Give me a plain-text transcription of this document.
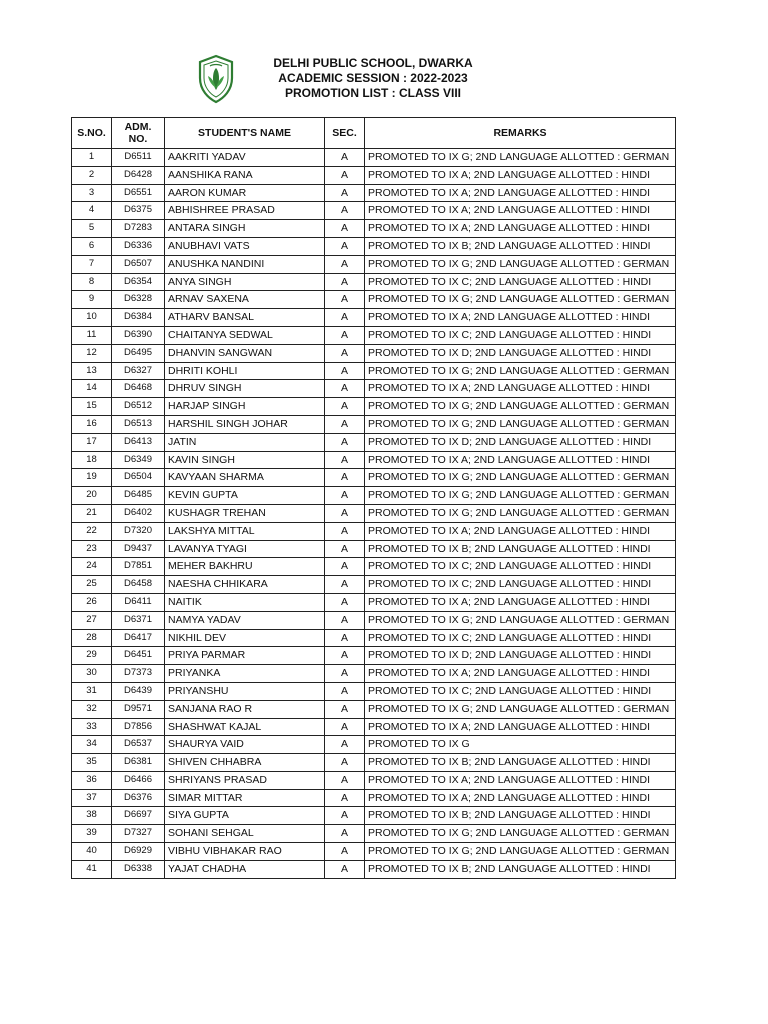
DELHI PUBLIC SCHOOL, DWARKA
ACADEMIC SESSION : 2022-2023
PROMOTION LIST : CLASS VIII
S.NO.	ADM. NO.	STUDENT'S NAME	SEC.	REMARKS
1	D6511	AAKRITI YADAV	A	PROMOTED TO IX G; 2ND LANGUAGE ALLOTTED : GERMAN
2	D6428	AANSHIKA RANA	A	PROMOTED TO IX A; 2ND LANGUAGE ALLOTTED : HINDI
3	D6551	AARON KUMAR	A	PROMOTED TO IX A; 2ND LANGUAGE ALLOTTED : HINDI
4	D6375	ABHISHREE PRASAD	A	PROMOTED TO IX A; 2ND LANGUAGE ALLOTTED : HINDI
5	D7283	ANTARA SINGH	A	PROMOTED TO IX A; 2ND LANGUAGE ALLOTTED : HINDI
6	D6336	ANUBHAVI VATS	A	PROMOTED TO IX B; 2ND LANGUAGE ALLOTTED : HINDI
7	D6507	ANUSHKA NANDINI	A	PROMOTED TO IX G; 2ND LANGUAGE ALLOTTED : GERMAN
8	D6354	ANYA SINGH	A	PROMOTED TO IX C; 2ND LANGUAGE ALLOTTED : HINDI
9	D6328	ARNAV SAXENA	A	PROMOTED TO IX G; 2ND LANGUAGE ALLOTTED : GERMAN
10	D6384	ATHARV BANSAL	A	PROMOTED TO IX A; 2ND LANGUAGE ALLOTTED : HINDI
11	D6390	CHAITANYA SEDWAL	A	PROMOTED TO IX C; 2ND LANGUAGE ALLOTTED : HINDI
12	D6495	DHANVIN SANGWAN	A	PROMOTED TO IX D; 2ND LANGUAGE ALLOTTED : HINDI
13	D6327	DHRITI KOHLI	A	PROMOTED TO IX G; 2ND LANGUAGE ALLOTTED : GERMAN
14	D6468	DHRUV SINGH	A	PROMOTED TO IX A; 2ND LANGUAGE ALLOTTED : HINDI
15	D6512	HARJAP SINGH	A	PROMOTED TO IX G; 2ND LANGUAGE ALLOTTED : GERMAN
16	D6513	HARSHIL SINGH JOHAR	A	PROMOTED TO IX G; 2ND LANGUAGE ALLOTTED : GERMAN
17	D6413	JATIN	A	PROMOTED TO IX D; 2ND LANGUAGE ALLOTTED : HINDI
18	D6349	KAVIN SINGH	A	PROMOTED TO IX A; 2ND LANGUAGE ALLOTTED : HINDI
19	D6504	KAVYAAN SHARMA	A	PROMOTED TO IX G; 2ND LANGUAGE ALLOTTED : GERMAN
20	D6485	KEVIN GUPTA	A	PROMOTED TO IX G; 2ND LANGUAGE ALLOTTED : GERMAN
21	D6402	KUSHAGR TREHAN	A	PROMOTED TO IX G; 2ND LANGUAGE ALLOTTED : GERMAN
22	D7320	LAKSHYA MITTAL	A	PROMOTED TO IX A; 2ND LANGUAGE ALLOTTED : HINDI
23	D9437	LAVANYA TYAGI	A	PROMOTED TO IX B; 2ND LANGUAGE ALLOTTED : HINDI
24	D7851	MEHER BAKHRU	A	PROMOTED TO IX C; 2ND LANGUAGE ALLOTTED : HINDI
25	D6458	NAESHA CHHIKARA	A	PROMOTED TO IX C; 2ND LANGUAGE ALLOTTED : HINDI
26	D6411	NAITIK	A	PROMOTED TO IX A; 2ND LANGUAGE ALLOTTED : HINDI
27	D6371	NAMYA YADAV	A	PROMOTED TO IX G; 2ND LANGUAGE ALLOTTED : GERMAN
28	D6417	NIKHIL DEV	A	PROMOTED TO IX C; 2ND LANGUAGE ALLOTTED : HINDI
29	D6451	PRIYA PARMAR	A	PROMOTED TO IX D; 2ND LANGUAGE ALLOTTED : HINDI
30	D7373	PRIYANKA	A	PROMOTED TO IX A; 2ND LANGUAGE ALLOTTED : HINDI
31	D6439	PRIYANSHU	A	PROMOTED TO IX C; 2ND LANGUAGE ALLOTTED : HINDI
32	D9571	SANJANA RAO R	A	PROMOTED TO IX G; 2ND LANGUAGE ALLOTTED : GERMAN
33	D7856	SHASHWAT KAJAL	A	PROMOTED TO IX A; 2ND LANGUAGE ALLOTTED : HINDI
34	D6537	SHAURYA VAID	A	PROMOTED TO IX G
35	D6381	SHIVEN CHHABRA	A	PROMOTED TO IX B; 2ND LANGUAGE ALLOTTED : HINDI
36	D6466	SHRIYANS PRASAD	A	PROMOTED TO IX A; 2ND LANGUAGE ALLOTTED : HINDI
37	D6376	SIMAR MITTAR	A	PROMOTED TO IX A; 2ND LANGUAGE ALLOTTED : HINDI
38	D6697	SIYA GUPTA	A	PROMOTED TO IX B; 2ND LANGUAGE ALLOTTED : HINDI
39	D7327	SOHANI SEHGAL	A	PROMOTED TO IX G; 2ND LANGUAGE ALLOTTED : GERMAN
40	D6929	VIBHU VIBHAKAR RAO	A	PROMOTED TO IX G; 2ND LANGUAGE ALLOTTED : GERMAN
41	D6338	YAJAT CHADHA	A	PROMOTED TO IX B; 2ND LANGUAGE ALLOTTED : HINDI
